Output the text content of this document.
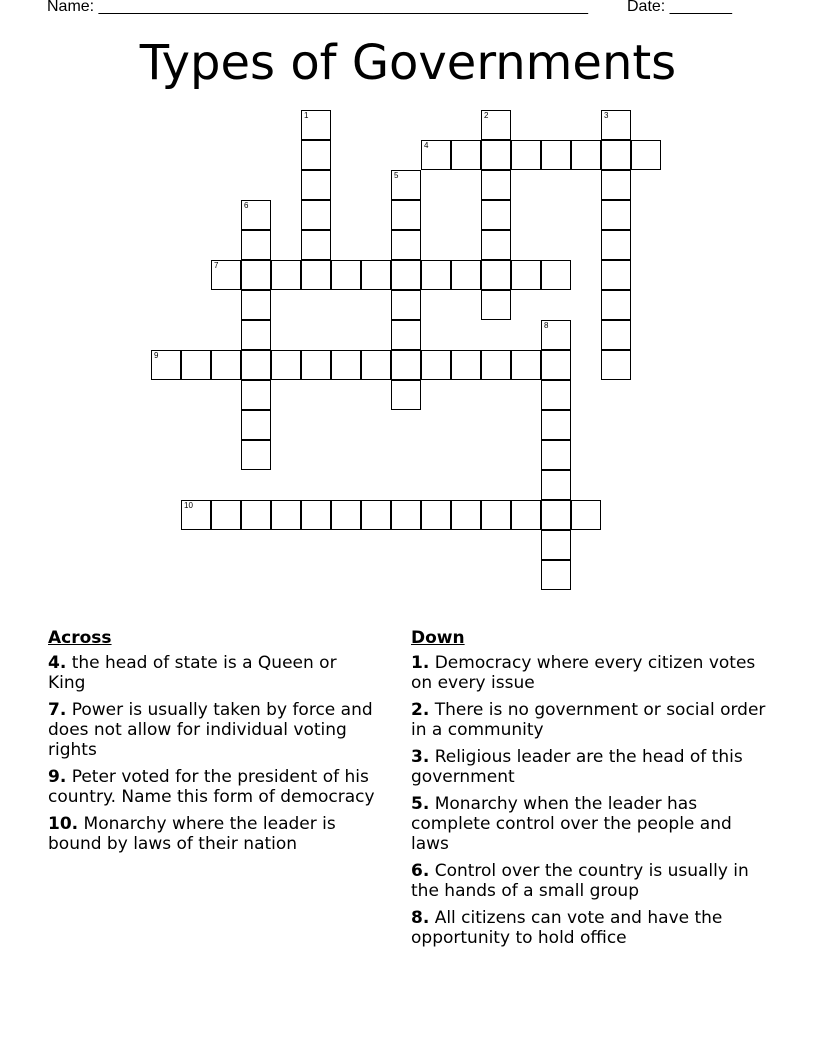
Name: _______________________________________________________ Date: _______
Types of Governments
1	2	3
4
5
6
7
8
9
10
Across
4. the head of state is a Queen or King
7. Power is usually taken by force and does not allow for individual voting rights
9. Peter voted for the president of his country. Name this form of democracy
10. Monarchy where the leader is bound by laws of their nation
Down
1. Democracy where every citizen votes on every issue
2. There is no government or social order in a community
3. Religious leader are the head of this government
5. Monarchy when the leader has complete control over the people and laws
6. Control over the country is usually in the hands of a small group
8. All citizens can vote and have the opportunity to hold office
